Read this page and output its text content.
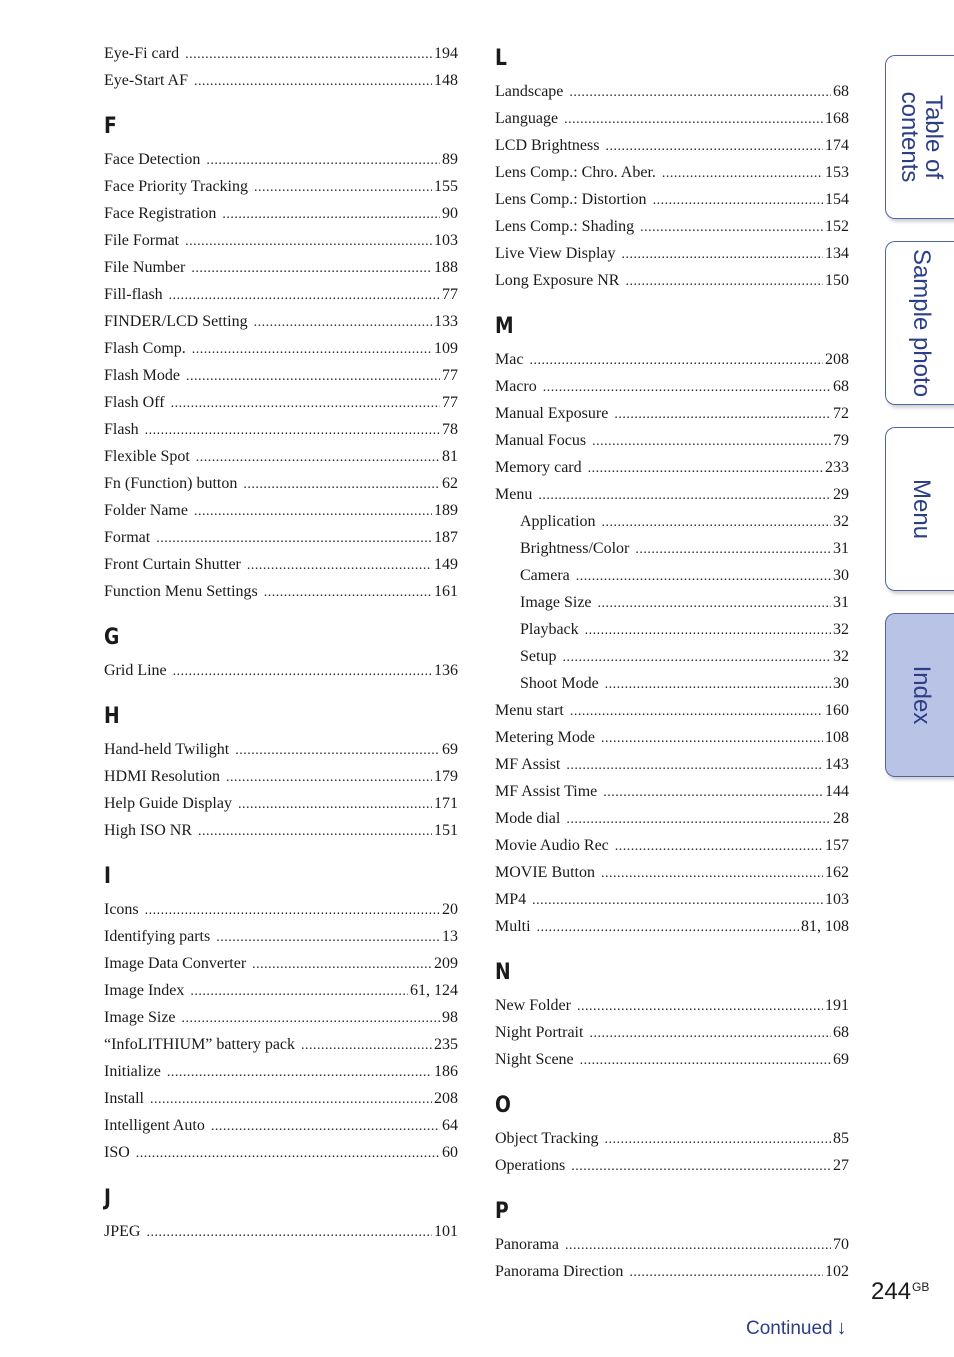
Eye-Fi card .....	194
Eye-Start AF .....	148
F
Face Detection .....	89
Face Priority Tracking .....	155
Face Registration .....	90
File Format .....	103
File Number .....	188
Fill-flash .....	77
FINDER/LCD Setting .....	133
Flash Comp. .....	109
Flash Mode .....	77
Flash Off .....	77
Flash .....	78
Flexible Spot .....	81
Fn (Function) button .....	62
Folder Name .....	189
Format .....	187
Front Curtain Shutter .....	149
Function Menu Settings .....	161
G
Grid Line .....	136
H
Hand-held Twilight .....	69
HDMI Resolution .....	179
Help Guide Display .....	171
High ISO NR .....	151
I
Icons .....	20
Identifying parts .....	13
Image Data Converter .....	209
Image Index .....	61, 124
Image Size .....	98
“InfoLITHIUM” battery pack .....	235
Initialize .....	186
Install .....	208
Intelligent Auto .....	64
ISO .....	60
J
JPEG .....	101
L
Landscape .....	68
Language .....	168
LCD Brightness .....	174
Lens Comp.: Chro. Aber. .....	153
Lens Comp.: Distortion .....	154
Lens Comp.: Shading .....	152
Live View Display .....	134
Long Exposure NR .....	150
M
Mac .....	208
Macro .....	68
Manual Exposure .....	72
Manual Focus .....	79
Memory card .....	233
Menu .....	29
Application .....	32
Brightness/Color .....	31
Camera .....	30
Image Size .....	31
Playback .....	32
Setup .....	32
Shoot Mode .....	30
Menu start .....	160
Metering Mode .....	108
MF Assist .....	143
MF Assist Time .....	144
Mode dial .....	28
Movie Audio Rec .....	157
MOVIE Button .....	162
MP4 .....	103
Multi .....	81, 108
N
New Folder .....	191
Night Portrait .....	68
Night Scene .....	69
O
Object Tracking .....	85
Operations .....	27
P
Panorama .....	70
Panorama Direction .....	102
Table of
contents
Sample photo
Menu
Index
$244^{GB}$
Continued ↓
